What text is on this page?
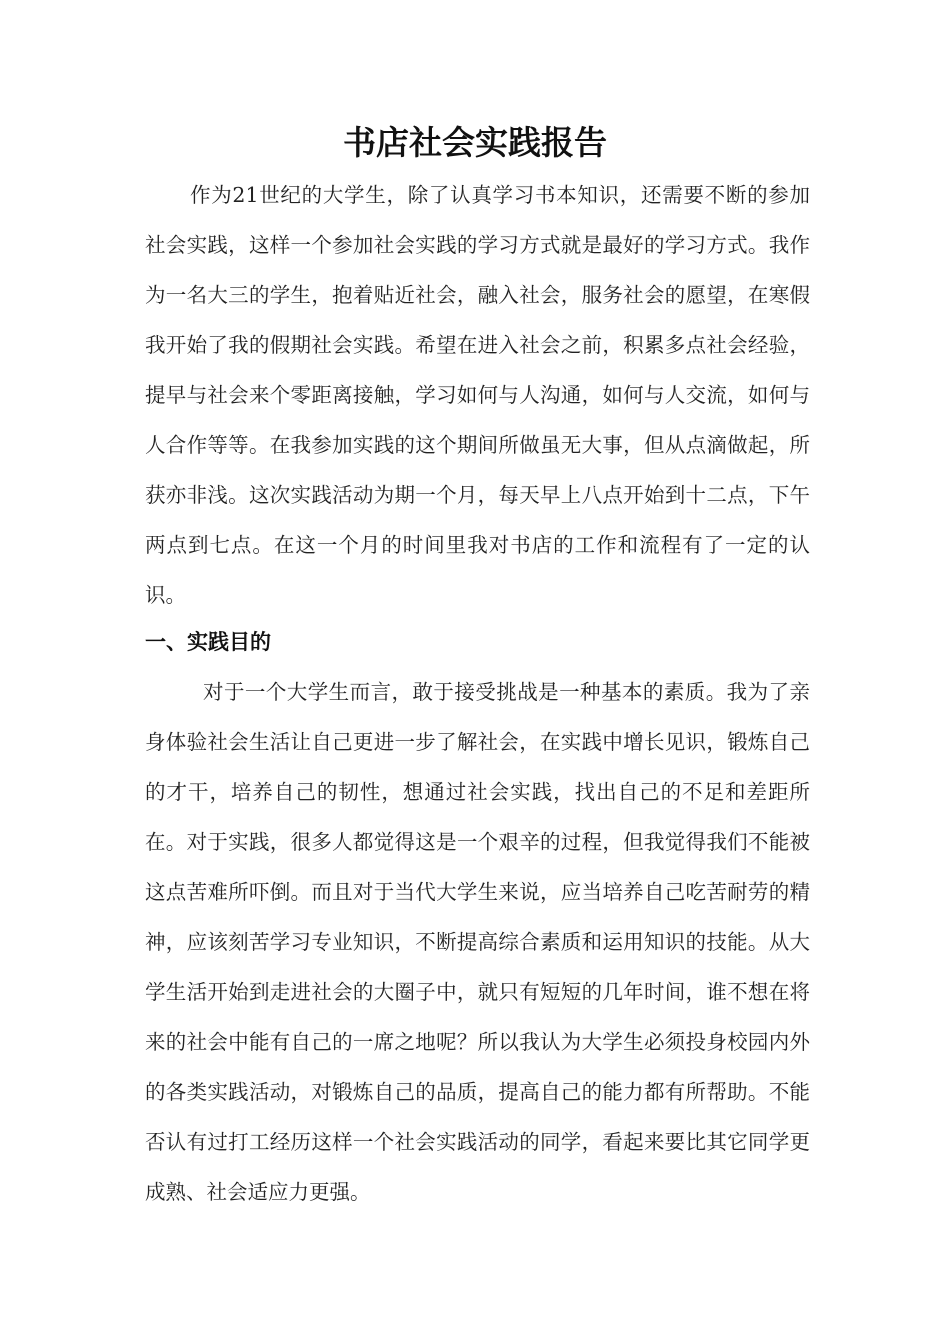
书店社会实践报告

作为21世纪的大学生，除了认真学习书本知识，还需要不断的参加社会实践，这样一个参加社会实践的学习方式就是最好的学习方式。我作为一名大三的学生，抱着贴近社会，融入社会，服务社会的愿望，在寒假我开始了我的假期社会实践。希望在进入社会之前，积累多点社会经验，提早与社会来个零距离接触，学习如何与人沟通，如何与人交流，如何与人合作等等。在我参加实践的这个期间所做虽无大事，但从点滴做起，所获亦非浅。这次实践活动为期一个月，每天早上八点开始到十二点，下午两点到七点。在这一个月的时间里我对书店的工作和流程有了一定的认识。

一、实践目的

对于一个大学生而言，敢于接受挑战是一种基本的素质。我为了亲身体验社会生活让自己更进一步了解社会，在实践中增长见识，锻炼自己的才干，培养自己的韧性，想通过社会实践，找出自己的不足和差距所在。对于实践，很多人都觉得这是一个艰辛的过程，但我觉得我们不能被这点苦难所吓倒。而且对于当代大学生来说，应当培养自己吃苦耐劳的精神，应该刻苦学习专业知识，不断提高综合素质和运用知识的技能。从大学生活开始到走进社会的大圈子中，就只有短短的几年时间，谁不想在将来的社会中能有自己的一席之地呢？所以我认为大学生必须投身校园内外的各类实践活动，对锻炼自己的品质，提高自己的能力都有所帮助。不能否认有过打工经历这样一个社会实践活动的同学，看起来要比其它同学更成熟、社会适应力更强。
